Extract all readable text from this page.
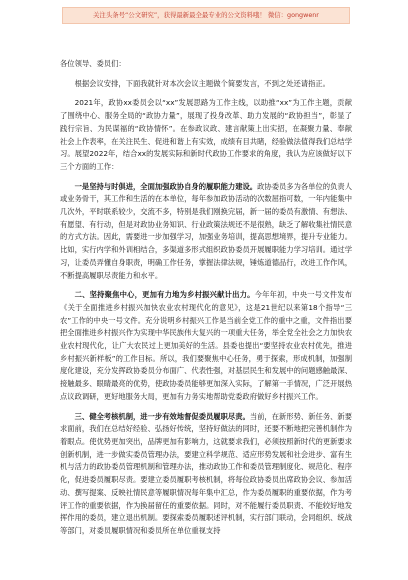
关注头条号“公文研究”，获得最新最全最专业的公文资料哦！ 微信：gongwenr

各位领导、委员们：

根据会议安排，下面我就针对本次会议主题做个简要发言，不到之处还请指正。

2021年，政协xx委员会以“xx”发展思路为工作主线，以助推“xx”为工作主题，贡献了围绕中心、服务全局的“政协力量”，展现了投身改革、助力发展的“政协担当”，彰显了践行宗旨、为民谋福的“政协情怀”。在参政议政、建言献策上出实招，在凝聚力量、奉献社会上作表率，在关注民生、促进和谐上有实效，成绩有目共睹，经验做法值得我们总结学习。展望2022年，结合xx的发展实际和新时代政协工作要求的角度，我认为应该做好以下三个方面的工作：

一是坚持与时俱进，全面加强政协自身的履职能力建设。政协委员多为各单位的负责人或业务骨干，其工作和生活的在本单位，每年参加政协活动的次数屈指可数，一年内能集中几次外，平时联系较少，交流不多，特别是我们刚换完届，新一届的委员有激情、有想法、有愿望、有行动，但是对政协业务知识、行业政策法规还不是很熟，缺乏了解收集社情民意的方式方法。因此，需要进一步加强学习，加强业务培训，提高思想境界，提升专业能力。比如，实行内学和外训相结合，多渠道多形式组织政协委员开展履职能力学习培训。通过学习，让委员弄懂自身职责，明确工作任务，掌握法律法规，锤炼道德品行，改进工作作风，不断提高履职尽责能力和水平。

二、坚持聚焦中心，更加有力地为乡村振兴献计出力。今年年初，中央一号文件发布《关于全面推进乡村振兴加快农业农村现代化的意见》，这是21世纪以来第18个指导“三农”工作的中央一号文件。充分说明乡村振兴工作是当前全党工作的重中之重，文件指出要把全面推进乡村振兴作为实现中华民族伟大复兴的一项重大任务，举全党全社会之力加快农业农村现代化，让广大农民过上更加美好的生活。县委也提出“要坚持农业农村优先，推进乡村振兴新样板”的工作目标。所以，我们要聚焦中心任务，勇于探索，形成机制，加强制度化建设，充分发挥政协委员分布面广、代表性强，对基层民生和发展中的问题感触最深、接触最多、眼睛最亮的优势，使政协委员能够更加深入实际，了解第一手情况，广泛开展热点议政调研，更好地服务大局，更加有力务实地帮助党委政府做好乡村振兴工作。

三、健全考核机制，进一步有效地督促委员履职尽责。当前，在新形势、新任务、新要求面前，我们在总结好经验、弘扬好传统，坚持好做法的同时，还要不断地把完善机制作为着眼点。使优势更加突出，品牌更加有影响力，这就要求我们，必须按照新时代的更新要求创新机制，进一步做实委员管理办法，要建立科学规范、适应形势发展和社会进步、富有生机与活力的政协委员管理机制和管理办法，推动政协工作和委员管理制度化、规范化、程序化，促进委员履职尽责。要建立委员履职考核机制，将每位政协委员出席政协会议、参加活动、撰写提案、反映社情民意等履职情况每年集中汇总，作为委员履职的重要依据，作为考评工作的重要依据，作为换届留任的重要依据。同时，对不能履行委员职责、不能较好地发挥作用的委员，建立退出机制。要探索委员履职述评机制，实行部门联动，会同组织、统战等部门，对委员履职情况和委员所在单位重视支持
